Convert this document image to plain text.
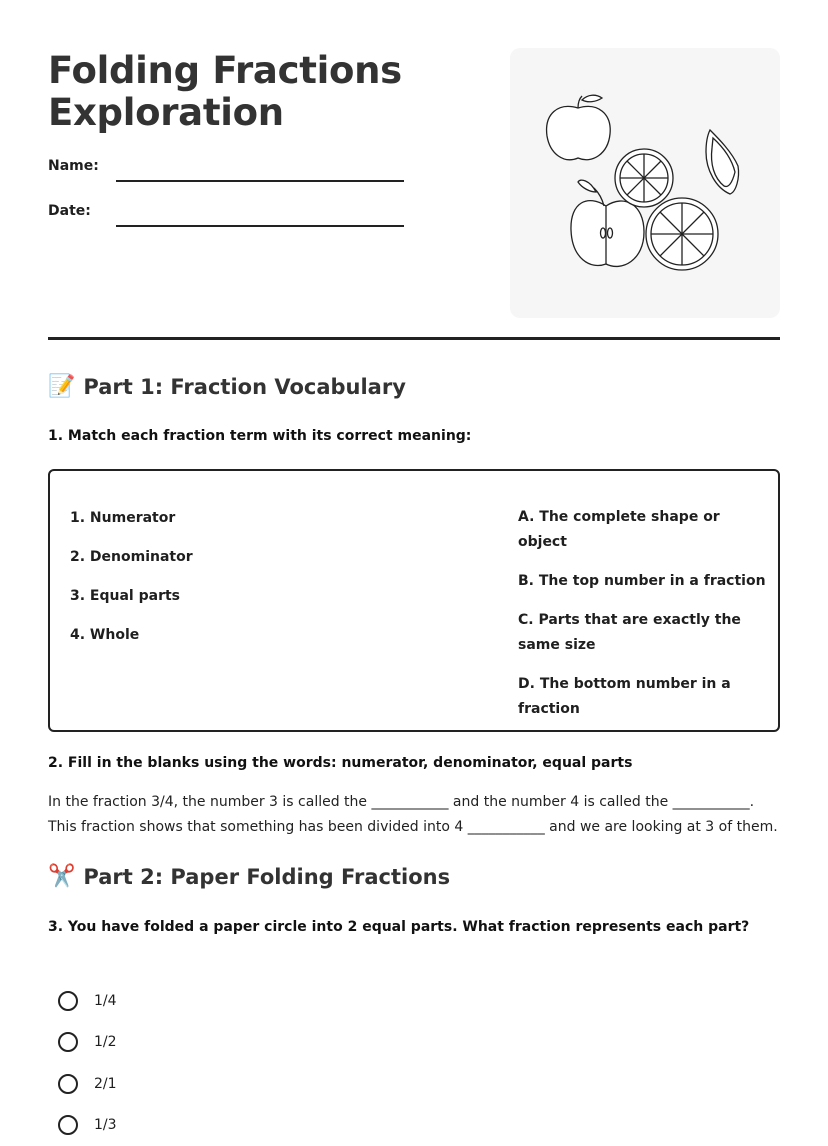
Folding Fractions
Exploration
Name:
Date:
📝 Part 1: Fraction Vocabulary
1. Match each fraction term with its correct meaning:
1. Numerator
2. Denominator
3. Equal parts
4. Whole
A. The complete shape or object
B. The top number in a fraction
C. Parts that are exactly the same size
D. The bottom number in a fraction
2. Fill in the blanks using the words: numerator, denominator, equal parts
In the fraction 3/4, the number 3 is called the ___________ and the number 4 is called the ___________. This fraction shows that something has been divided into 4 ___________ and we are looking at 3 of them.
✂️ Part 2: Paper Folding Fractions
3. You have folded a paper circle into 2 equal parts. What fraction represents each part?
1/4
1/2
2/1
1/3
